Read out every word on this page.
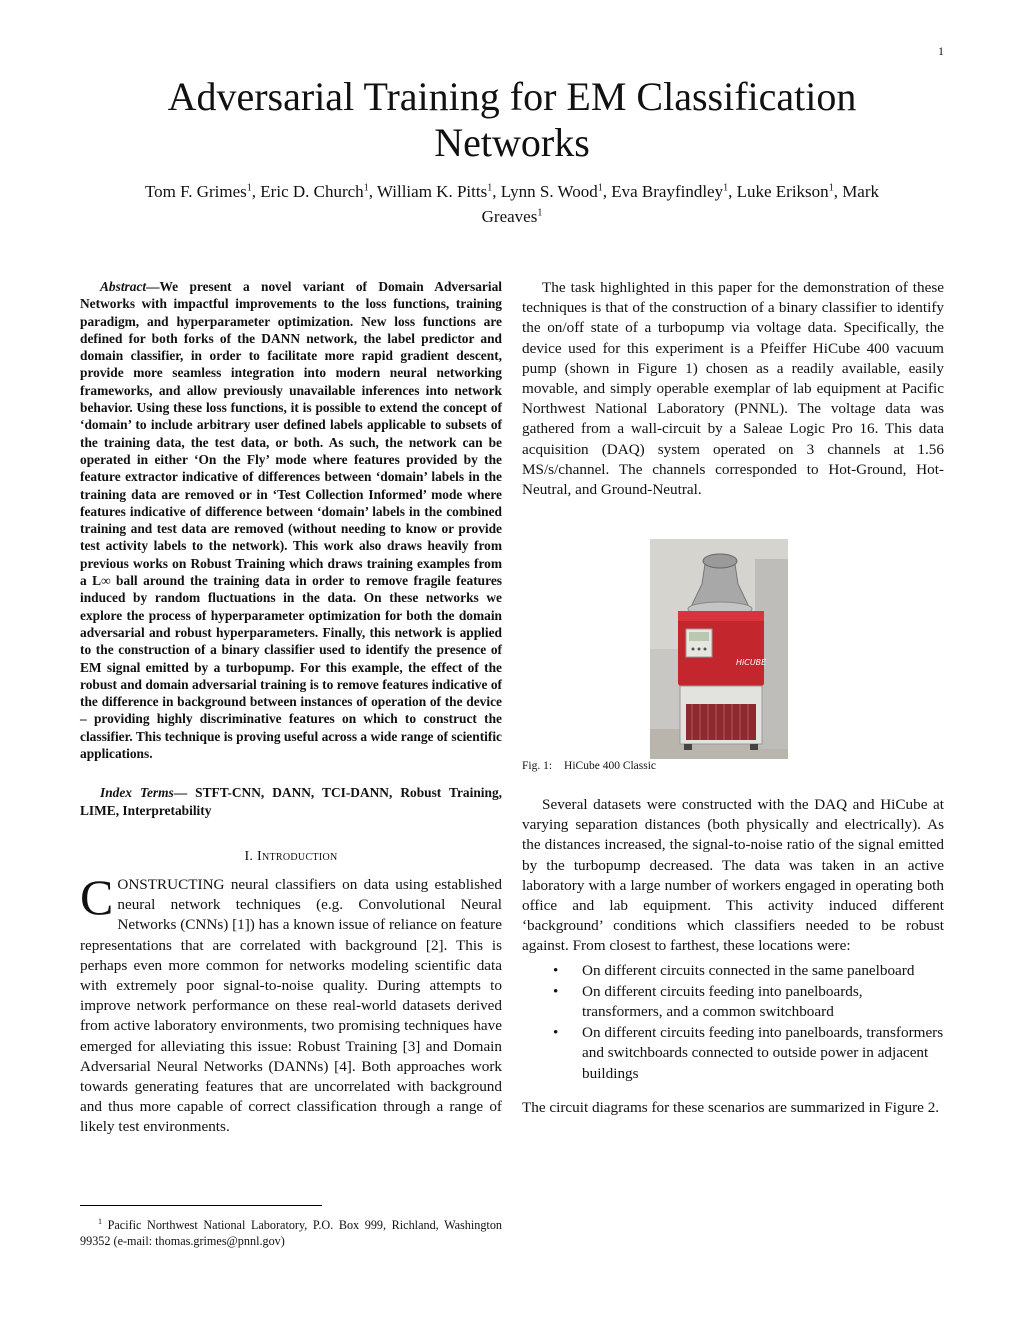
1
Adversarial Training for EM Classification
Networks
Tom F. Grimes$^1$, Eric D. Church$^1$, William K. Pitts$^1$, Lynn S. Wood$^1$, Eva Brayfindley$^1$, Luke Erikson$^1$, Mark Greaves$^1$

Abstract—We present a novel variant of Domain Adversarial Networks with impactful improvements to the loss functions, training paradigm, and hyperparameter optimization. New loss functions are defined for both forks of the DANN network, the label predictor and domain classifier, in order to facilitate more rapid gradient descent, provide more seamless integration into modern neural networking frameworks, and allow previously unavailable inferences into network behavior. Using these loss functions, it is possible to extend the concept of ‘domain’ to include arbitrary user defined labels applicable to subsets of the training data, the test data, or both. As such, the network can be operated in either ‘On the Fly’ mode where features provided by the feature extractor indicative of differences between ‘domain’ labels in the training data are removed or in ‘Test Collection Informed’ mode where features indicative of difference between ‘domain’ labels in the combined training and test data are removed (without needing to know or provide test activity labels to the network). This work also draws heavily from previous works on Robust Training which draws training examples from a L∞ ball around the training data in order to remove fragile features induced by random fluctuations in the data. On these networks we explore the process of hyperparameter optimization for both the domain adversarial and robust hyperparameters. Finally, this network is applied to the construction of a binary classifier used to identify the presence of EM signal emitted by a turbopump. For this example, the effect of the robust and domain adversarial training is to remove features indicative of the difference in background between instances of operation of the device – providing highly discriminative features on which to construct the classifier. This technique is proving useful across a wide range of scientific applications.

Index Terms— STFT-CNN, DANN, TCI-DANN, Robust Training, LIME, Interpretability

I. Introduction

CONSTRUCTING neural classifiers on data using established neural network techniques (e.g. Convolutional Neural Networks (CNNs) [1]) has a known issue of reliance on feature representations that are correlated with background [2]. This is perhaps even more common for networks modeling scientific data with extremely poor signal-to-noise quality. During attempts to improve network performance on these real-world datasets derived from active laboratory environments, two promising techniques have emerged for alleviating this issue: Robust Training [3] and Domain Adversarial Neural Networks (DANNs) [4]. Both approaches work towards generating features that are uncorrelated with background and thus more capable of correct classification through a range of likely test environments.

$^1$ Pacific Northwest National Laboratory, P.O. Box 999, Richland, Washington 99352 (e-mail: thomas.grimes@pnnl.gov)

The task highlighted in this paper for the demonstration of these techniques is that of the construction of a binary classifier to identify the on/off state of a turbopump via voltage data. Specifically, the device used for this experiment is a Pfeiffer HiCube 400 vacuum pump (shown in Figure 1) chosen as a readily available, easily movable, and simply operable exemplar of lab equipment at Pacific Northwest National Laboratory (PNNL). The voltage data was gathered from a wall-circuit by a Saleae Logic Pro 16. This data acquisition (DAQ) system operated on 3 channels at 1.56 MS/s/channel. The channels corresponded to Hot-Ground, Hot-Neutral, and Ground-Neutral.

HiCUBE
Fig. 1: HiCube 400 Classic

Several datasets were constructed with the DAQ and HiCube at varying separation distances (both physically and electrically). As the distances increased, the signal-to-noise ratio of the signal emitted by the turbopump decreased. The data was taken in an active laboratory with a large number of workers engaged in operating both office and lab equipment. This activity induced different ‘background’ conditions which classifiers needed to be robust against. From closest to farthest, these locations were:

• On different circuits connected in the same panelboard
• On different circuits feeding into panelboards, transformers, and a common switchboard
• On different circuits feeding into panelboards, transformers and switchboards connected to outside power in adjacent buildings

The circuit diagrams for these scenarios are summarized in Figure 2.
